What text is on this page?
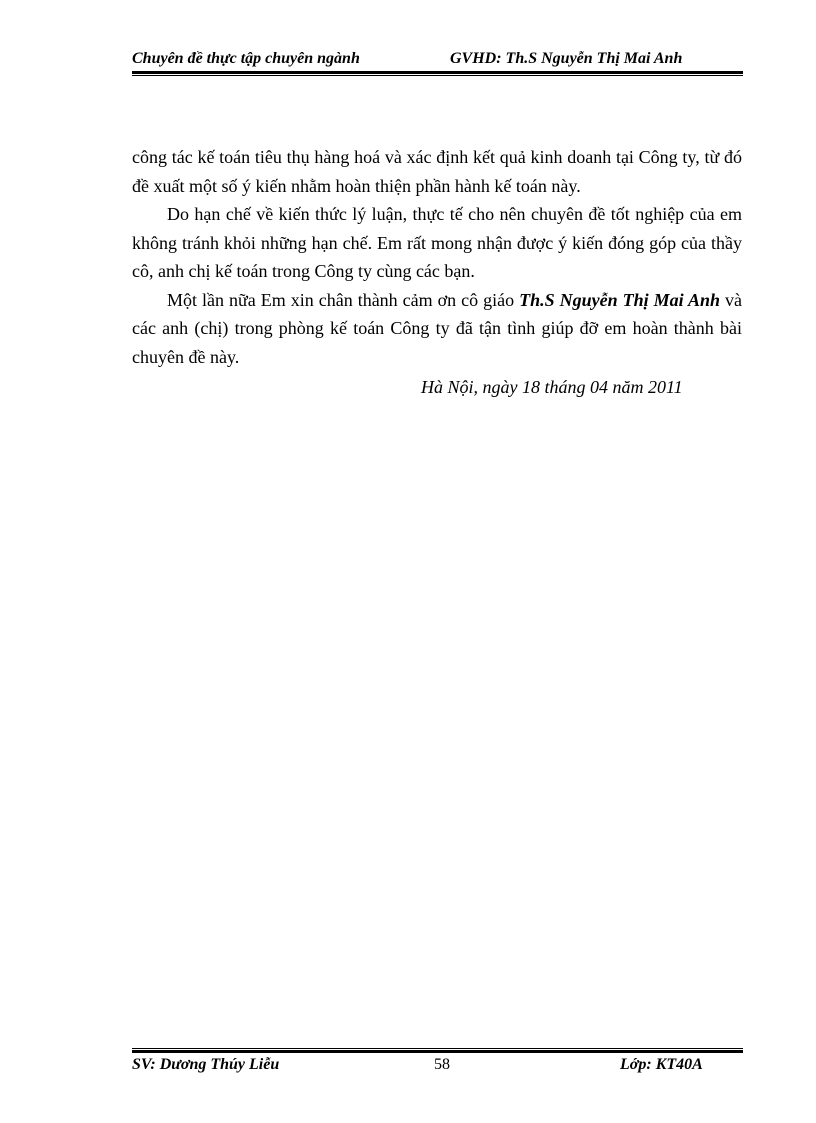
Chuyên đề thực tập chuyên ngành	GVHD: Th.S Nguyễn Thị Mai Anh

công tác kế toán tiêu thụ hàng hoá và xác định kết quả kinh doanh tại Công ty, từ đó đề xuất một số ý kiến nhằm hoàn thiện phần hành kế toán này.

Do hạn chế về kiến thức lý luận, thực tế cho nên chuyên đề tốt nghiệp của em không tránh khỏi những hạn chế. Em rất mong nhận được ý kiến đóng góp của thầy cô, anh chị kế toán trong Công ty cùng các bạn.

Một lần nữa Em xin chân thành cảm ơn cô giáo Th.S Nguyễn Thị Mai Anh và các anh (chị) trong phòng kế toán Công ty đã tận tình giúp đỡ em hoàn thành bài chuyên đề này.

Hà Nội, ngày 18 tháng 04 năm 2011

SV: Dương Thúy Liễu	58	Lớp: KT40A
